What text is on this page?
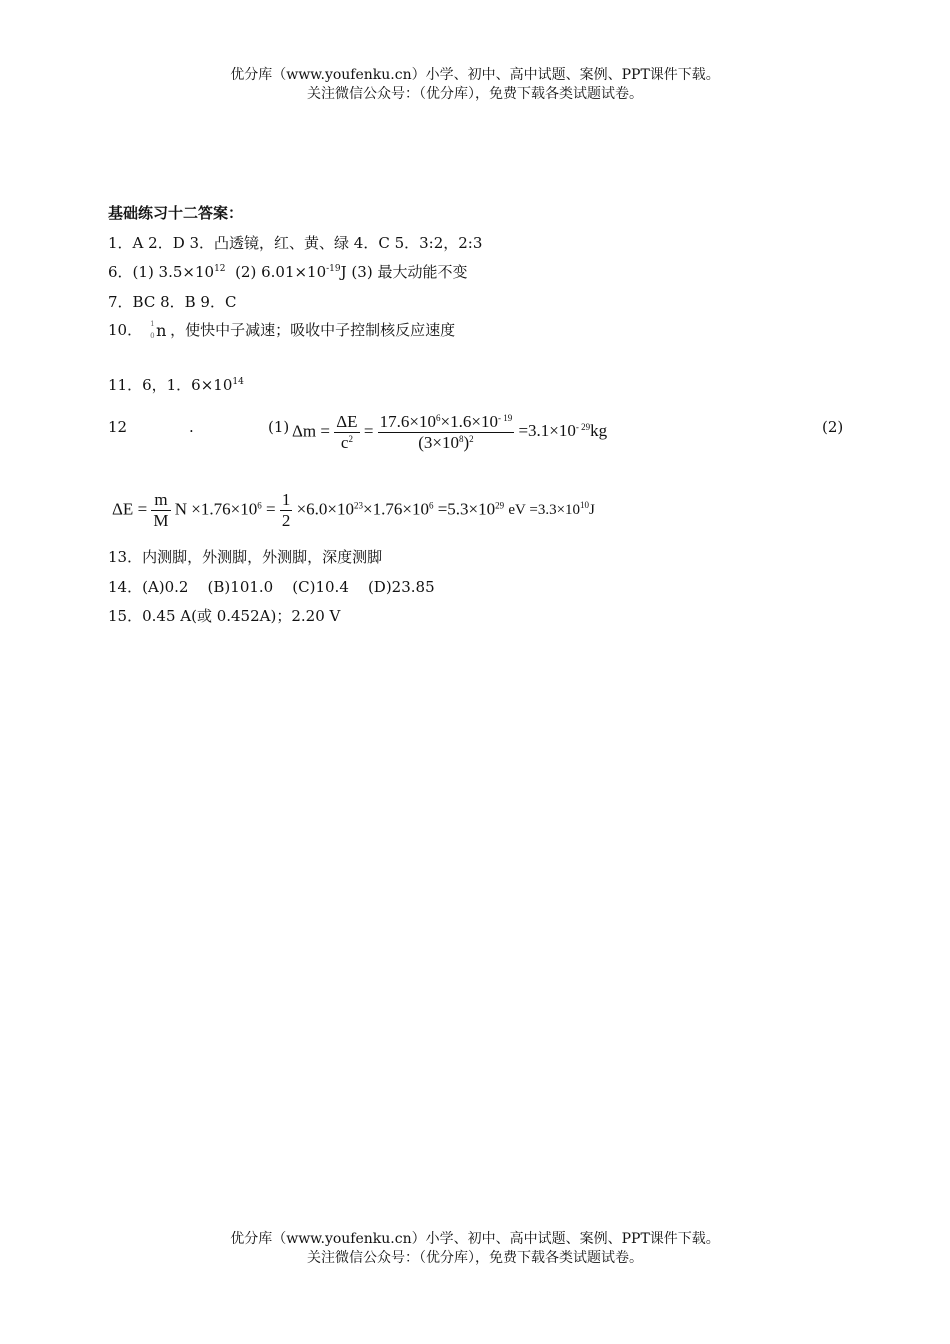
优分库（www.youfenku.cn）小学、初中、高中试题、案例、PPT课件下载。
关注微信公众号：（优分库），免费下载各类试题试卷。
基础练习十二答案：
1．A 2．D 3．凸透镜，红、黄、绿 4．C 5．3:2，2:3
6．(1) $3.5\times 10^{12}$  (2) $6.01\times 10^{-19}J$ (3) 最大动能不变
7．BC 8．B 9．C
10． 1
0 n ，使快中子减速；吸收中子控制核反应速度
11．6，1．$6\times 10^{14}$
12	.	(1) $\Delta m = \frac{\Delta E}{c^2} = \frac{17.6\times 10^6\times 1.6\times 10^{- 19}}{(3\times 10^8)^2} =3.1\times 10^{- 29}kg$	(2)
$\Delta E = \frac{m}{M}$ $N \times 1.76\times 10^6 = \frac{1}{2} \times 6.0\times 10^{23}\times 1.76\times 10^6 =5.3\times 10^{29}$ eV $=3.3\times 10^{10}J$
13．内测脚，外测脚，外测脚，深度测脚
14．(A)0.2    (B)101.0    (C)10.4    (D)23.85
15．0.45 A(或 0.452A)；2.20 V
优分库（www.youfenku.cn）小学、初中、高中试题、案例、PPT课件下载。
关注微信公众号：（优分库），免费下载各类试题试卷。
